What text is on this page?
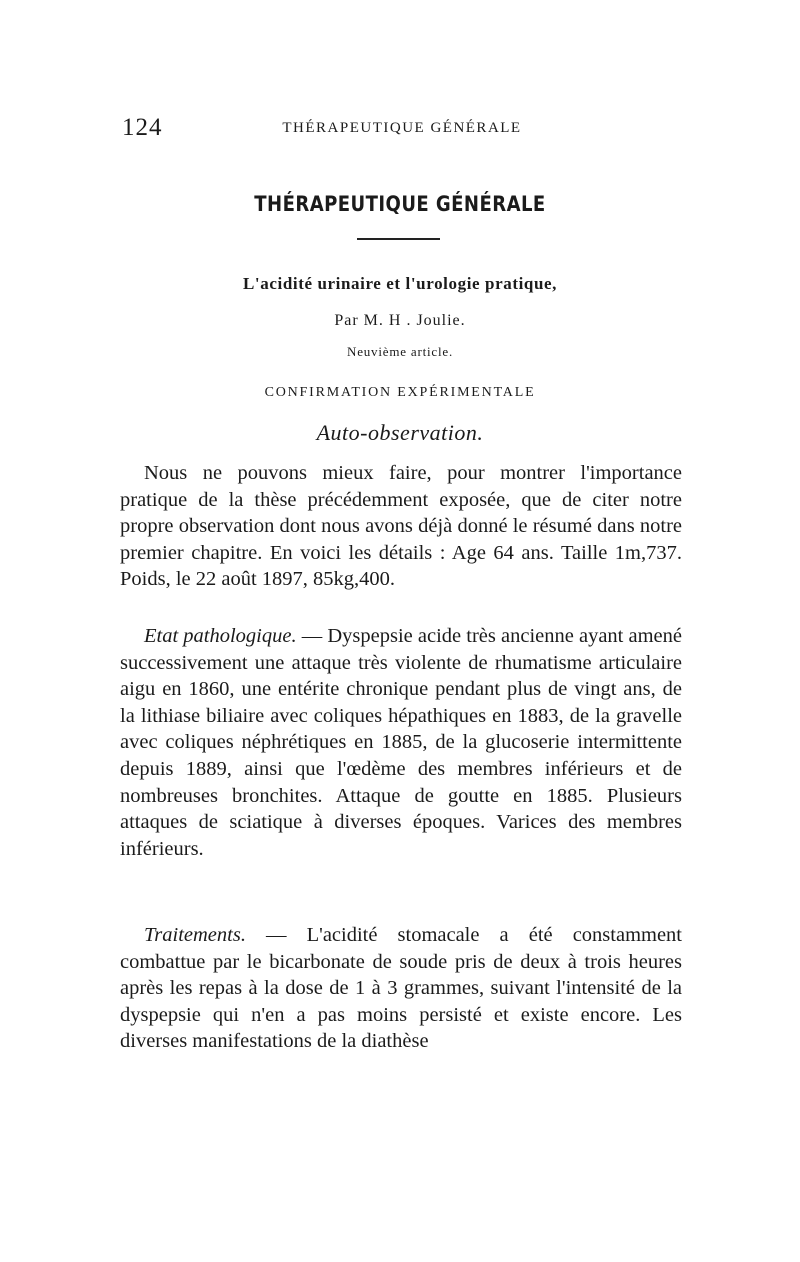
124	THÉRAPEUTIQUE GÉNÉRALE
THÉRAPEUTIQUE GÉNÉRALE
L'acidité urinaire et l'urologie pratique,
Par M. H . Joulie.
Neuvième article.
CONFIRMATION EXPÉRIMENTALE
Auto-observation.

Nous ne pouvons mieux faire, pour montrer l'importance pratique de la thèse précédemment exposée, que de citer notre propre observation dont nous avons déjà donné le résumé dans notre premier chapitre. En voici les détails : Age 64 ans. Taille 1m,737. Poids, le 22 août 1897, 85kg,400.

Etat pathologique. — Dyspepsie acide très ancienne ayant amené successivement une attaque très violente de rhumatisme articulaire aigu en 1860, une entérite chronique pendant plus de vingt ans, de la lithiase biliaire avec coliques hépathiques en 1883, de la gravelle avec coliques néphrétiques en 1885, de la glucoserie intermittente depuis 1889, ainsi que l'œdème des membres inférieurs et de nombreuses bronchites. Attaque de goutte en 1885. Plusieurs attaques de sciatique à diverses époques. Varices des membres inférieurs.

Traitements. — L'acidité stomacale a été constamment combattue par le bicarbonate de soude pris de deux à trois heures après les repas à la dose de 1 à 3 grammes, suivant l'intensité de la dyspepsie qui n'en a pas moins persisté et existe encore. Les diverses manifestations de la diathèse
